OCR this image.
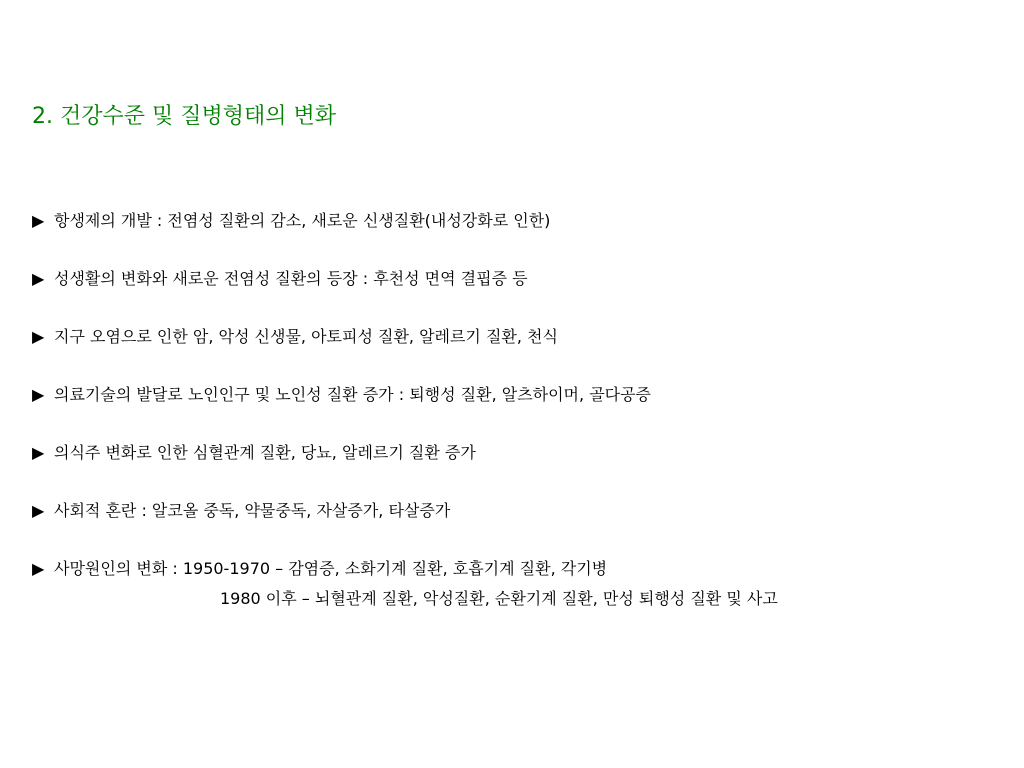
2. 건강수준 및 질병형태의 변화
▶ 항생제의 개발 : 전염성 질환의 감소, 새로운 신생질환(내성강화로 인한)
▶ 성생활의 변화와 새로운 전염성 질환의 등장 : 후천성 면역 결핍증 등
▶ 지구 오염으로 인한 암, 악성 신생물, 아토피성 질환, 알레르기 질환, 천식
▶ 의료기술의 발달로 노인인구 및 노인성 질환 증가 : 퇴행성 질환, 알츠하이머, 골다공증
▶ 의식주 변화로 인한 심혈관계 질환, 당뇨, 알레르기 질환 증가
▶ 사회적 혼란 : 알코올 중독, 약물중독, 자살증가, 타살증가
▶ 사망원인의 변화 : 1950-1970 – 감염증, 소화기계 질환, 호흡기계 질환, 각기병
1980 이후 – 뇌혈관계 질환, 악성질환, 순환기계 질환, 만성 퇴행성 질환 및 사고
